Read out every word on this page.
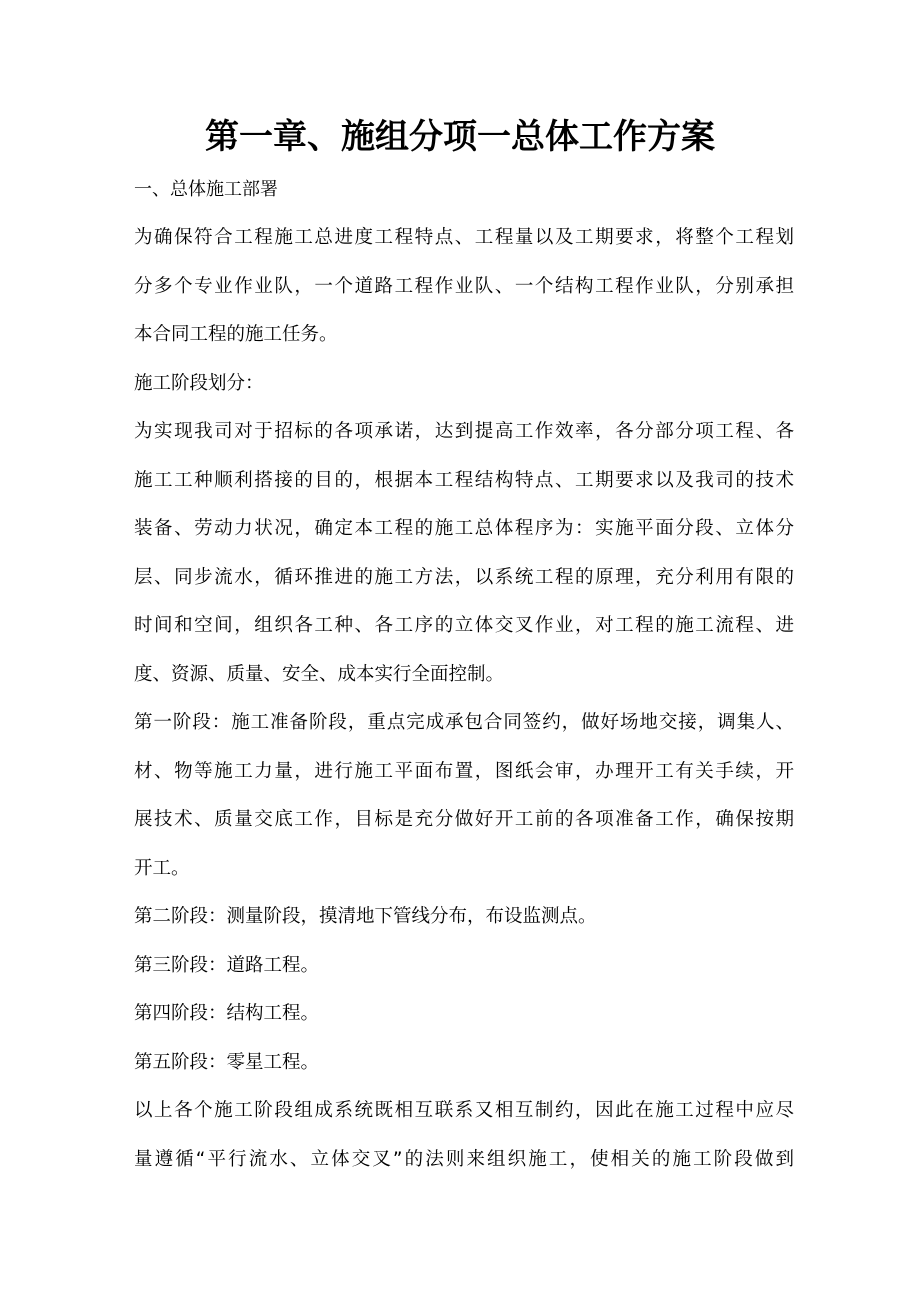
第一章、施组分项一总体工作方案
一、总体施工部署
为确保符合工程施工总进度工程特点、工程量以及工期要求，将整个工程划
分多个专业作业队，一个道路工程作业队、一个结构工程作业队，分别承担
本合同工程的施工任务。
施工阶段划分：
为实现我司对于招标的各项承诺，达到提高工作效率，各分部分项工程、各
施工工种顺利搭接的目的，根据本工程结构特点、工期要求以及我司的技术
装备、劳动力状况，确定本工程的施工总体程序为：实施平面分段、立体分
层、同步流水，循环推进的施工方法，以系统工程的原理，充分利用有限的
时间和空间，组织各工种、各工序的立体交叉作业，对工程的施工流程、进
度、资源、质量、安全、成本实行全面控制。
第一阶段：施工准备阶段，重点完成承包合同签约，做好场地交接，调集人、
材、物等施工力量，进行施工平面布置，图纸会审，办理开工有关手续，开
展技术、质量交底工作，目标是充分做好开工前的各项准备工作，确保按期
开工。
第二阶段：测量阶段，摸清地下管线分布，布设监测点。
第三阶段：道路工程。
第四阶段：结构工程。
第五阶段：零星工程。
以上各个施工阶段组成系统既相互联系又相互制约，因此在施工过程中应尽
量遵循“平行流水、立体交叉”的法则来组织施工，使相关的施工阶段做到
